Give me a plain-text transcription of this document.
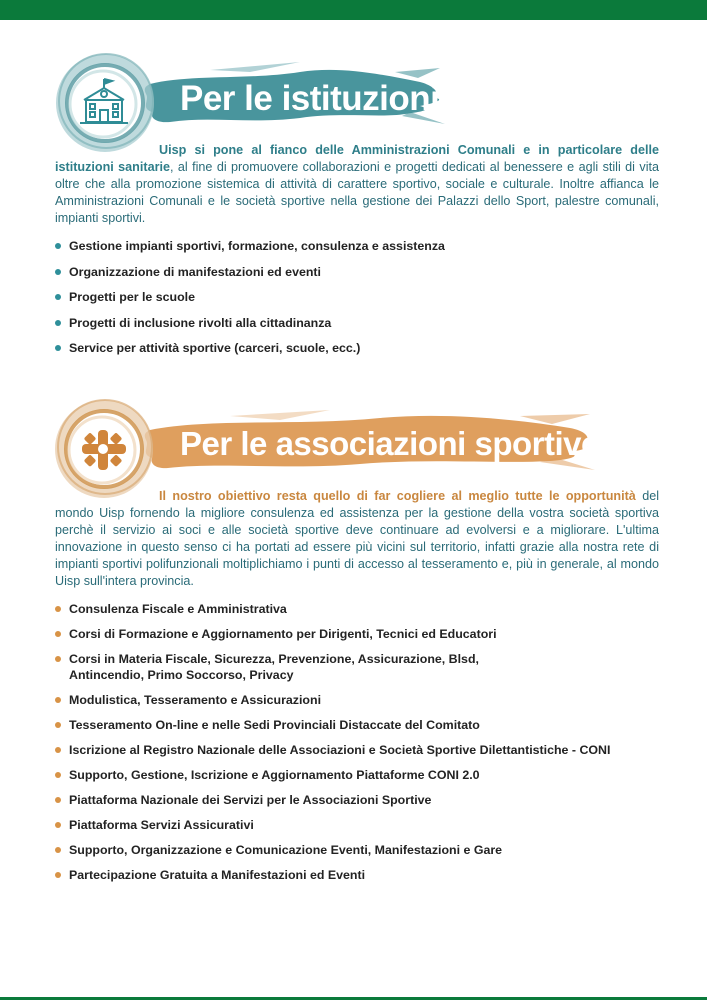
Per le istituzioni

Uisp si pone al fianco delle Amministrazioni Comunali e in particolare delle istituzioni sanitarie, al fine di promuovere collaborazioni e progetti dedicati al benessere e agli stili di vita oltre che alla promozione sistemica di attività di carattere sportivo, sociale e culturale. Inoltre affianca le Amministrazioni Comunali e le società sportive nella gestione dei Palazzi dello Sport, palestre comunali, impianti sportivi.

Gestione impianti sportivi, formazione, consulenza e assistenza
Organizzazione di manifestazioni ed eventi
Progetti per le scuole
Progetti di inclusione rivolti alla cittadinanza
Service per attività sportive (carceri, scuole, ecc.)
Per le associazioni sportive

Il nostro obiettivo resta quello di far cogliere al meglio tutte le opportunità del mondo Uisp fornendo la migliore consulenza ed assistenza per la gestione della vostra società sportiva perchè il servizio ai soci e alle società sportive deve continuare ad evolversi e a migliorare. L'ultima innovazione in questo senso ci ha portati ad essere più vicini sul territorio, infatti grazie alla nostra rete di impianti sportivi polifunzionali moltiplichiamo i punti di accesso al tesseramento e, più in generale, al mondo Uisp sull'intera provincia.

Consulenza Fiscale e Amministrativa
Corsi di Formazione e Aggiornamento per Dirigenti, Tecnici ed Educatori
Corsi in Materia Fiscale, Sicurezza, Prevenzione, Assicurazione, Blsd,
Antincendio, Primo Soccorso, Privacy
Modulistica, Tesseramento e Assicurazioni
Tesseramento On-line e nelle Sedi Provinciali Distaccate del Comitato
Iscrizione al Registro Nazionale delle Associazioni e Società Sportive Dilettantistiche - CONI
Supporto, Gestione, Iscrizione e Aggiornamento Piattaforme CONI 2.0
Piattaforma Nazionale dei Servizi per le Associazioni Sportive
Piattaforma Servizi Assicurativi
Supporto, Organizzazione e Comunicazione Eventi, Manifestazioni e Gare
Partecipazione Gratuita a Manifestazioni ed Eventi
